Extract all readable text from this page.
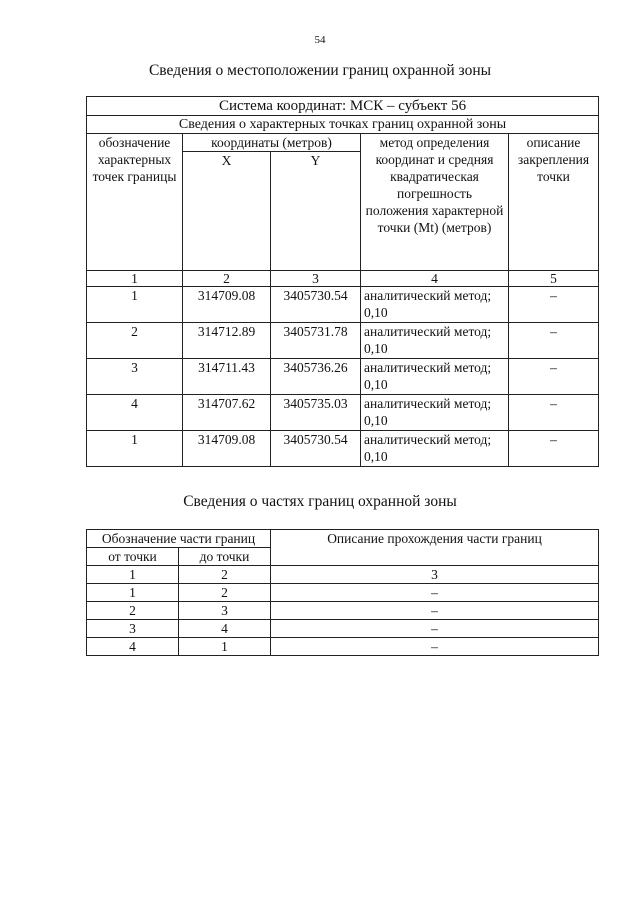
54
Сведения о местоположении границ охранной зоны
Система координат: МСК – субъект 56				
Сведения о характерных точках границ охранной зоны				
обозначение характерных точек границы	координаты (метров)		метод определения координат и средняя квадратическая погрешность положения характерной точки (Mt) (метров)	описание закрепления точки
	X	Y		
1	2	3	4	5
1	314709.08	3405730.54	аналитический метод; 0,10	–
2	314712.89	3405731.78	аналитический метод; 0,10	–
3	314711.43	3405736.26	аналитический метод; 0,10	–
4	314707.62	3405735.03	аналитический метод; 0,10	–
1	314709.08	3405730.54	аналитический метод; 0,10	–
Сведения о частях границ охранной зоны
Обозначение части границ		Описание прохождения части границ
от точки	до точки	
1	2	3
1	2	–
2	3	–
3	4	–
4	1	–
